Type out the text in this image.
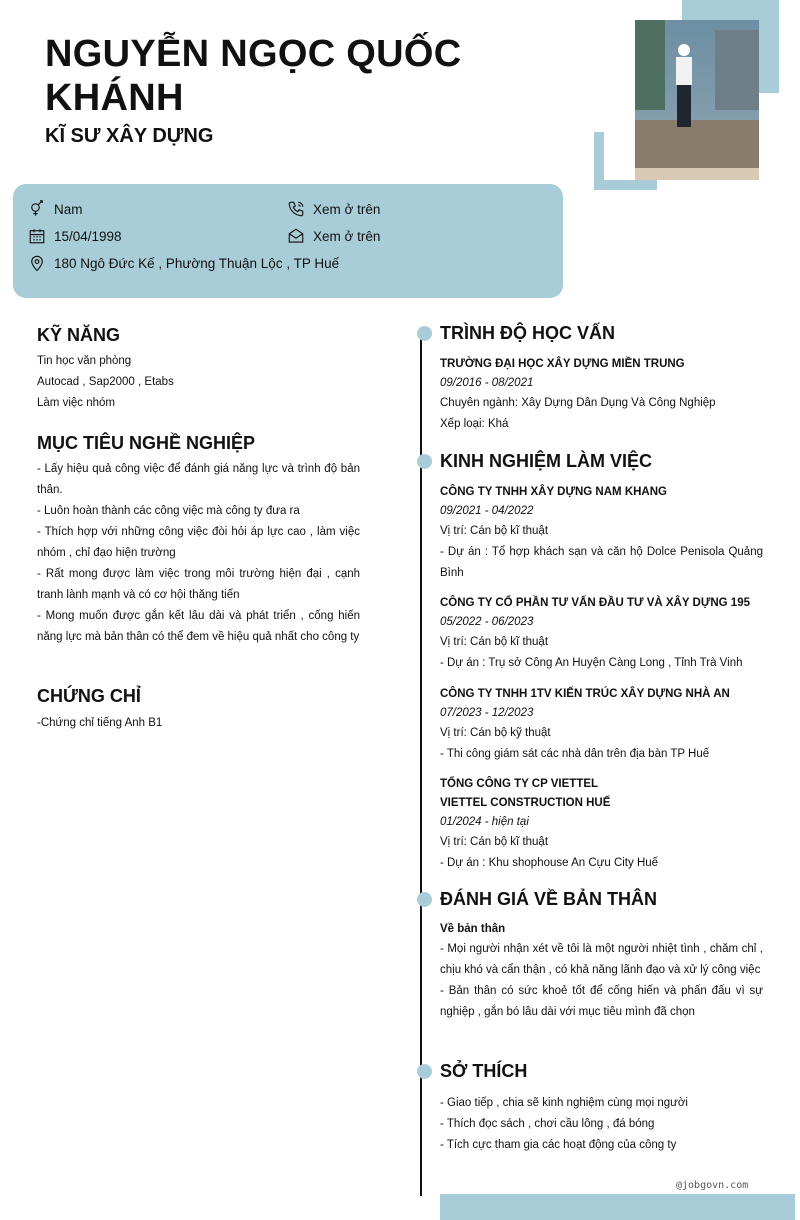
NGUYỄN NGỌC QUỐC KHÁNH
KĨ SƯ XÂY DỰNG
Nam
15/04/1998
180 Ngô Đức Kế , Phường Thuận Lộc , TP Huế
Xem ở trên
Xem ở trên
KỸ NĂNG
Tin học văn phòng
Autocad , Sap2000 , Etabs
Làm việc nhóm
MỤC TIÊU NGHỀ NGHIỆP
- Lấy hiệu quả công việc để đánh giá năng lực và trình độ bản thân.
- Luôn hoàn thành các công việc mà công ty đưa ra
- Thích hợp với những công việc đòi hỏi áp lực cao , làm việc nhóm , chỉ đạo hiện trường
- Rất mong được làm việc trong môi trường hiện đại , cạnh tranh lành mạnh và có cơ hội thăng tiến
- Mong muốn được gắn kết lâu dài và phát triển , cống hiến năng lực mà bản thân có thể đem về hiệu quả nhất cho công ty
CHỨNG CHỈ
-Chứng chỉ tiếng Anh B1
TRÌNH ĐỘ HỌC VẤN
TRƯỜNG ĐẠI HỌC XÂY DỰNG MIỀN TRUNG
09/2016 - 08/2021
Chuyên ngành: Xây Dựng Dân Dụng Và Công Nghiệp
Xếp loại: Khá
KINH NGHIỆM LÀM VIỆC
CÔNG TY TNHH XÂY DỰNG NAM KHANG
09/2021 - 04/2022
Vị trí: Cán bộ kĩ thuật
- Dự án : Tổ hợp khách sạn và căn hộ Dolce Penisola Quảng Bình
CÔNG TY CỔ PHẦN TƯ VẤN ĐẦU TƯ VÀ XÂY DỰNG 195
05/2022 - 06/2023
Vị trí: Cán bộ kĩ thuật
- Dự án : Trụ sở Công An Huyện Càng Long , Tỉnh Trà Vinh
CÔNG TY TNHH 1TV KIẾN TRÚC XÂY DỰNG NHÀ AN
07/2023 - 12/2023
Vị trí: Cán bộ kỹ thuật
- Thi công giám sát các nhà dân trên địa bàn TP Huế
TỔNG CÔNG TY CP VIETTEL
VIETTEL CONSTRUCTION HUẾ
01/2024 - hiện tại
Vị trí: Cán bộ kĩ thuật
- Dự án : Khu shophouse An Cựu City Huế
ĐÁNH GIÁ VỀ BẢN THÂN
Về bản thân
- Mọi người nhận xét về tôi là một người nhiệt tình , chăm chỉ , chịu khó và cẩn thận , có khả năng lãnh đạo và xử lý công việc
- Bản thân có sức khoẻ tốt để cống hiến và phấn đấu vì sự nghiệp , gắn bó lâu dài với mục tiêu mình đã chọn
SỞ THÍCH
- Giao tiếp , chia sẽ kinh nghiệm cùng mọi người
- Thích đọc sách , chơi cầu lông , đá bóng
- Tích cực tham gia các hoạt động của công ty
@jobgovn.com
